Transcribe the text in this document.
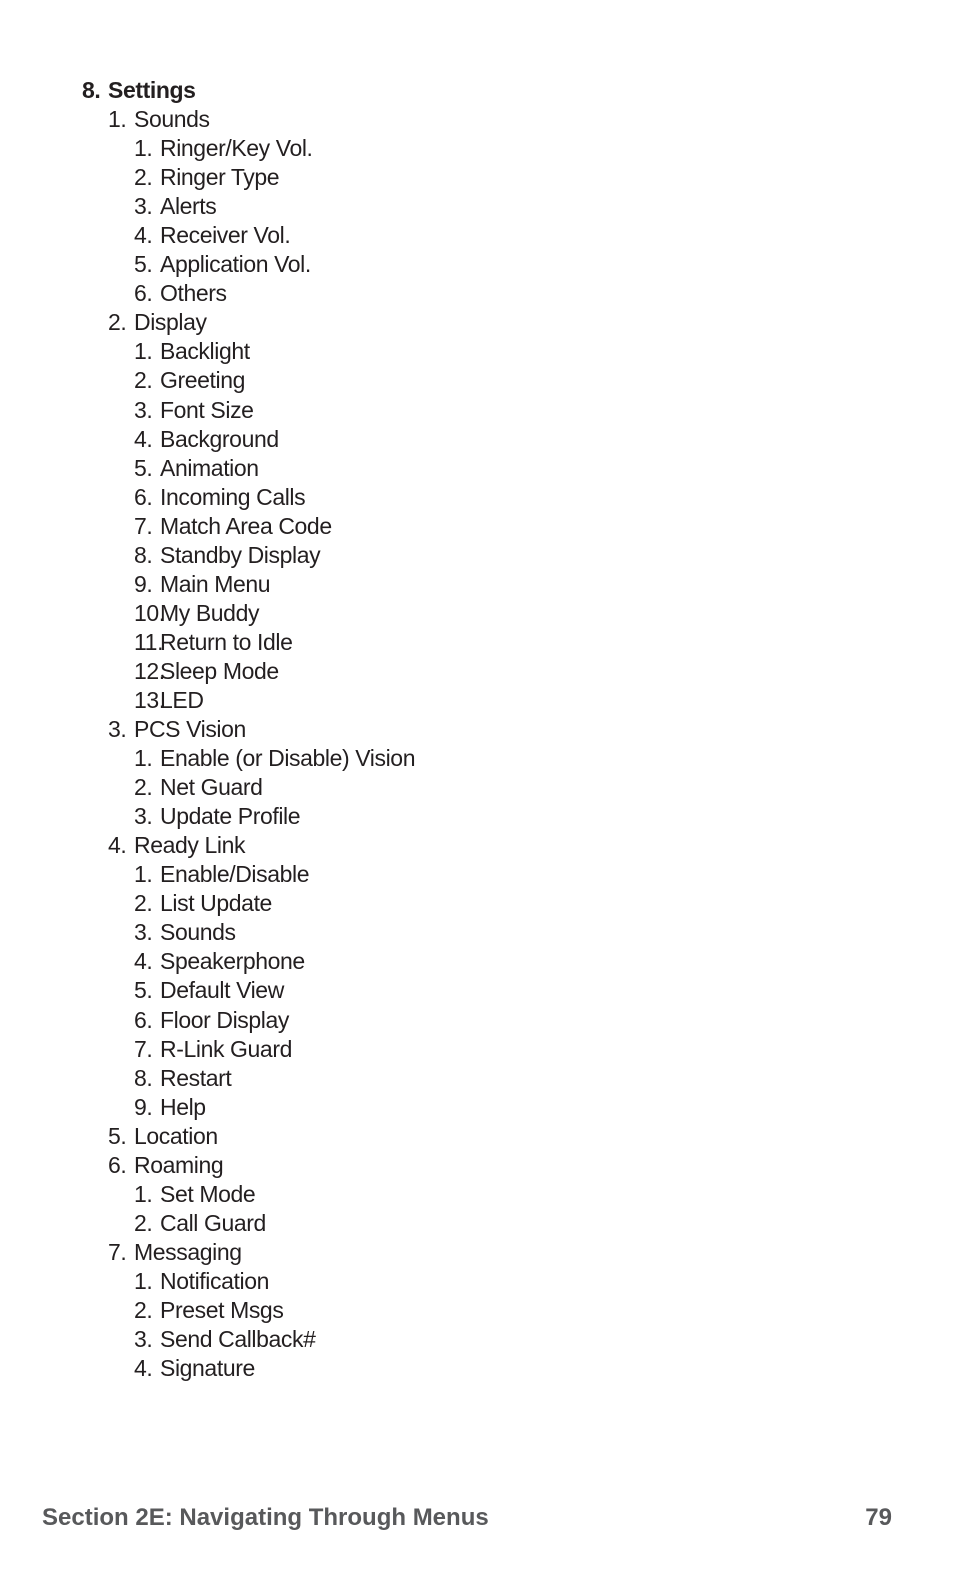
8. Settings
1. Sounds
1. Ringer/Key Vol.
2. Ringer Type
3. Alerts
4. Receiver Vol.
5. Application Vol.
6. Others
2. Display
1. Backlight
2. Greeting
3. Font Size
4. Background
5. Animation
6. Incoming Calls
7. Match Area Code
8. Standby Display
9. Main Menu
10.
My Buddy
11.
Return to Idle
12.
Sleep Mode
13.
LED
3. PCS Vision
1. Enable (or Disable) Vision
2. Net Guard
3. Update Profile
4. Ready Link
1. Enable/Disable
2. List Update
3. Sounds
4. Speakerphone
5. Default View
6. Floor Display
7. R-Link Guard
8. Restart
9. Help
5. Location
6. Roaming
1. Set Mode
2. Call Guard
7. Messaging
1. Notification
2. Preset Msgs
3. Send Callback#
4. Signature
Section 2E: Navigating Through Menus	79
